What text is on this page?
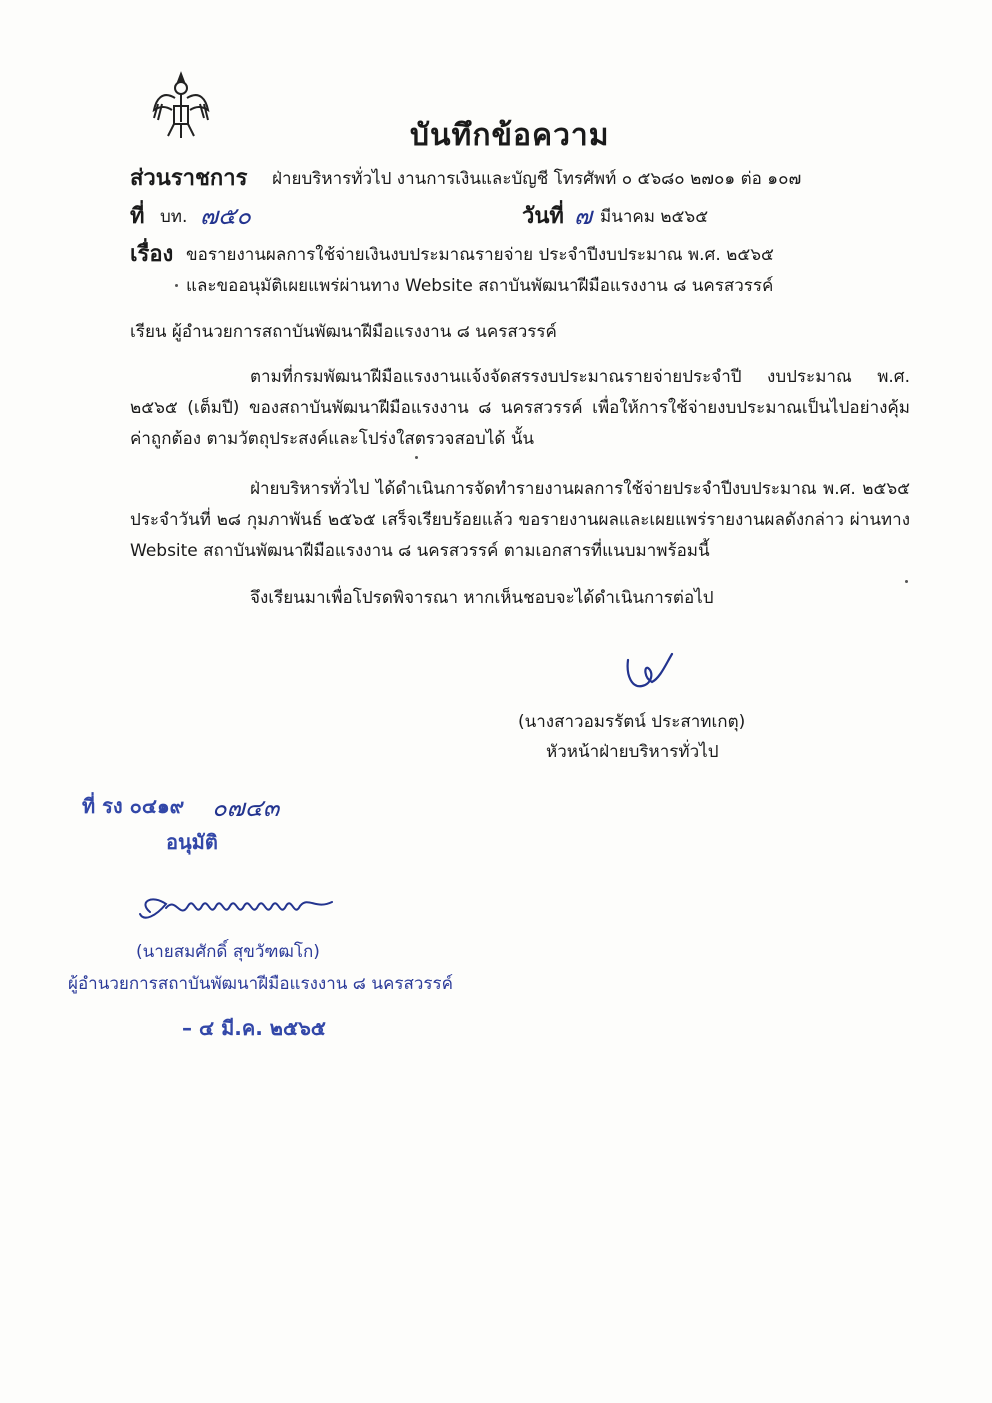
บันทึกข้อความ
ส่วนราชการ ฝ่ายบริหารทั่วไป งานการเงินและบัญชี โทรศัพท์ ๐ ๕๖๘๐ ๒๗๐๑ ต่อ ๑๐๗
ที่ บท. ๗๕๐	วันที่ ๗ มีนาคม ๒๕๖๕
เรื่อง ขอรายงานผลการใช้จ่ายเงินงบประมาณรายจ่าย ประจำปีงบประมาณ พ.ศ. ๒๕๖๕
และขออนุมัติเผยแพร่ผ่านทาง Website สถาบันพัฒนาฝีมือแรงงาน ๘ นครสวรรค์
เรียน ผู้อำนวยการสถาบันพัฒนาฝีมือแรงงาน ๘ นครสวรรค์
ตามที่กรมพัฒนาฝีมือแรงงานแจ้งจัดสรรงบประมาณรายจ่ายประจำปี งบประมาณ พ.ศ. ๒๕๖๕ (เต็มปี) ของสถาบันพัฒนาฝีมือแรงงาน ๘ นครสวรรค์ เพื่อให้การใช้จ่ายงบประมาณเป็นไปอย่างคุ้มค่าถูกต้อง ตามวัตถุประสงค์และโปร่งใสตรวจสอบได้ นั้น
ฝ่ายบริหารทั่วไป ได้ดำเนินการจัดทำรายงานผลการใช้จ่ายประจำปีงบประมาณ พ.ศ. ๒๕๖๕ ประจำวันที่ ๒๘ กุมภาพันธ์ ๒๕๖๕ เสร็จเรียบร้อยแล้ว ขอรายงานผลและเผยแพร่รายงานผลดังกล่าว ผ่านทาง Website สถาบันพัฒนาฝีมือแรงงาน ๘ นครสวรรค์ ตามเอกสารที่แนบมาพร้อมนี้
จึงเรียนมาเพื่อโปรดพิจารณา หากเห็นชอบจะได้ดำเนินการต่อไป
(นางสาวอมรรัตน์ ประสาทเกตุ)
หัวหน้าฝ่ายบริหารทั่วไป
ที่ รง ๐๔๑๙ ๐๗๔๓
อนุมัติ
(นายสมศักดิ์ สุขวัฑฒโก)
ผู้อำนวยการสถาบันพัฒนาฝีมือแรงงาน ๘ นครสวรรค์
– ๔ มี.ค. ๒๕๖๕
